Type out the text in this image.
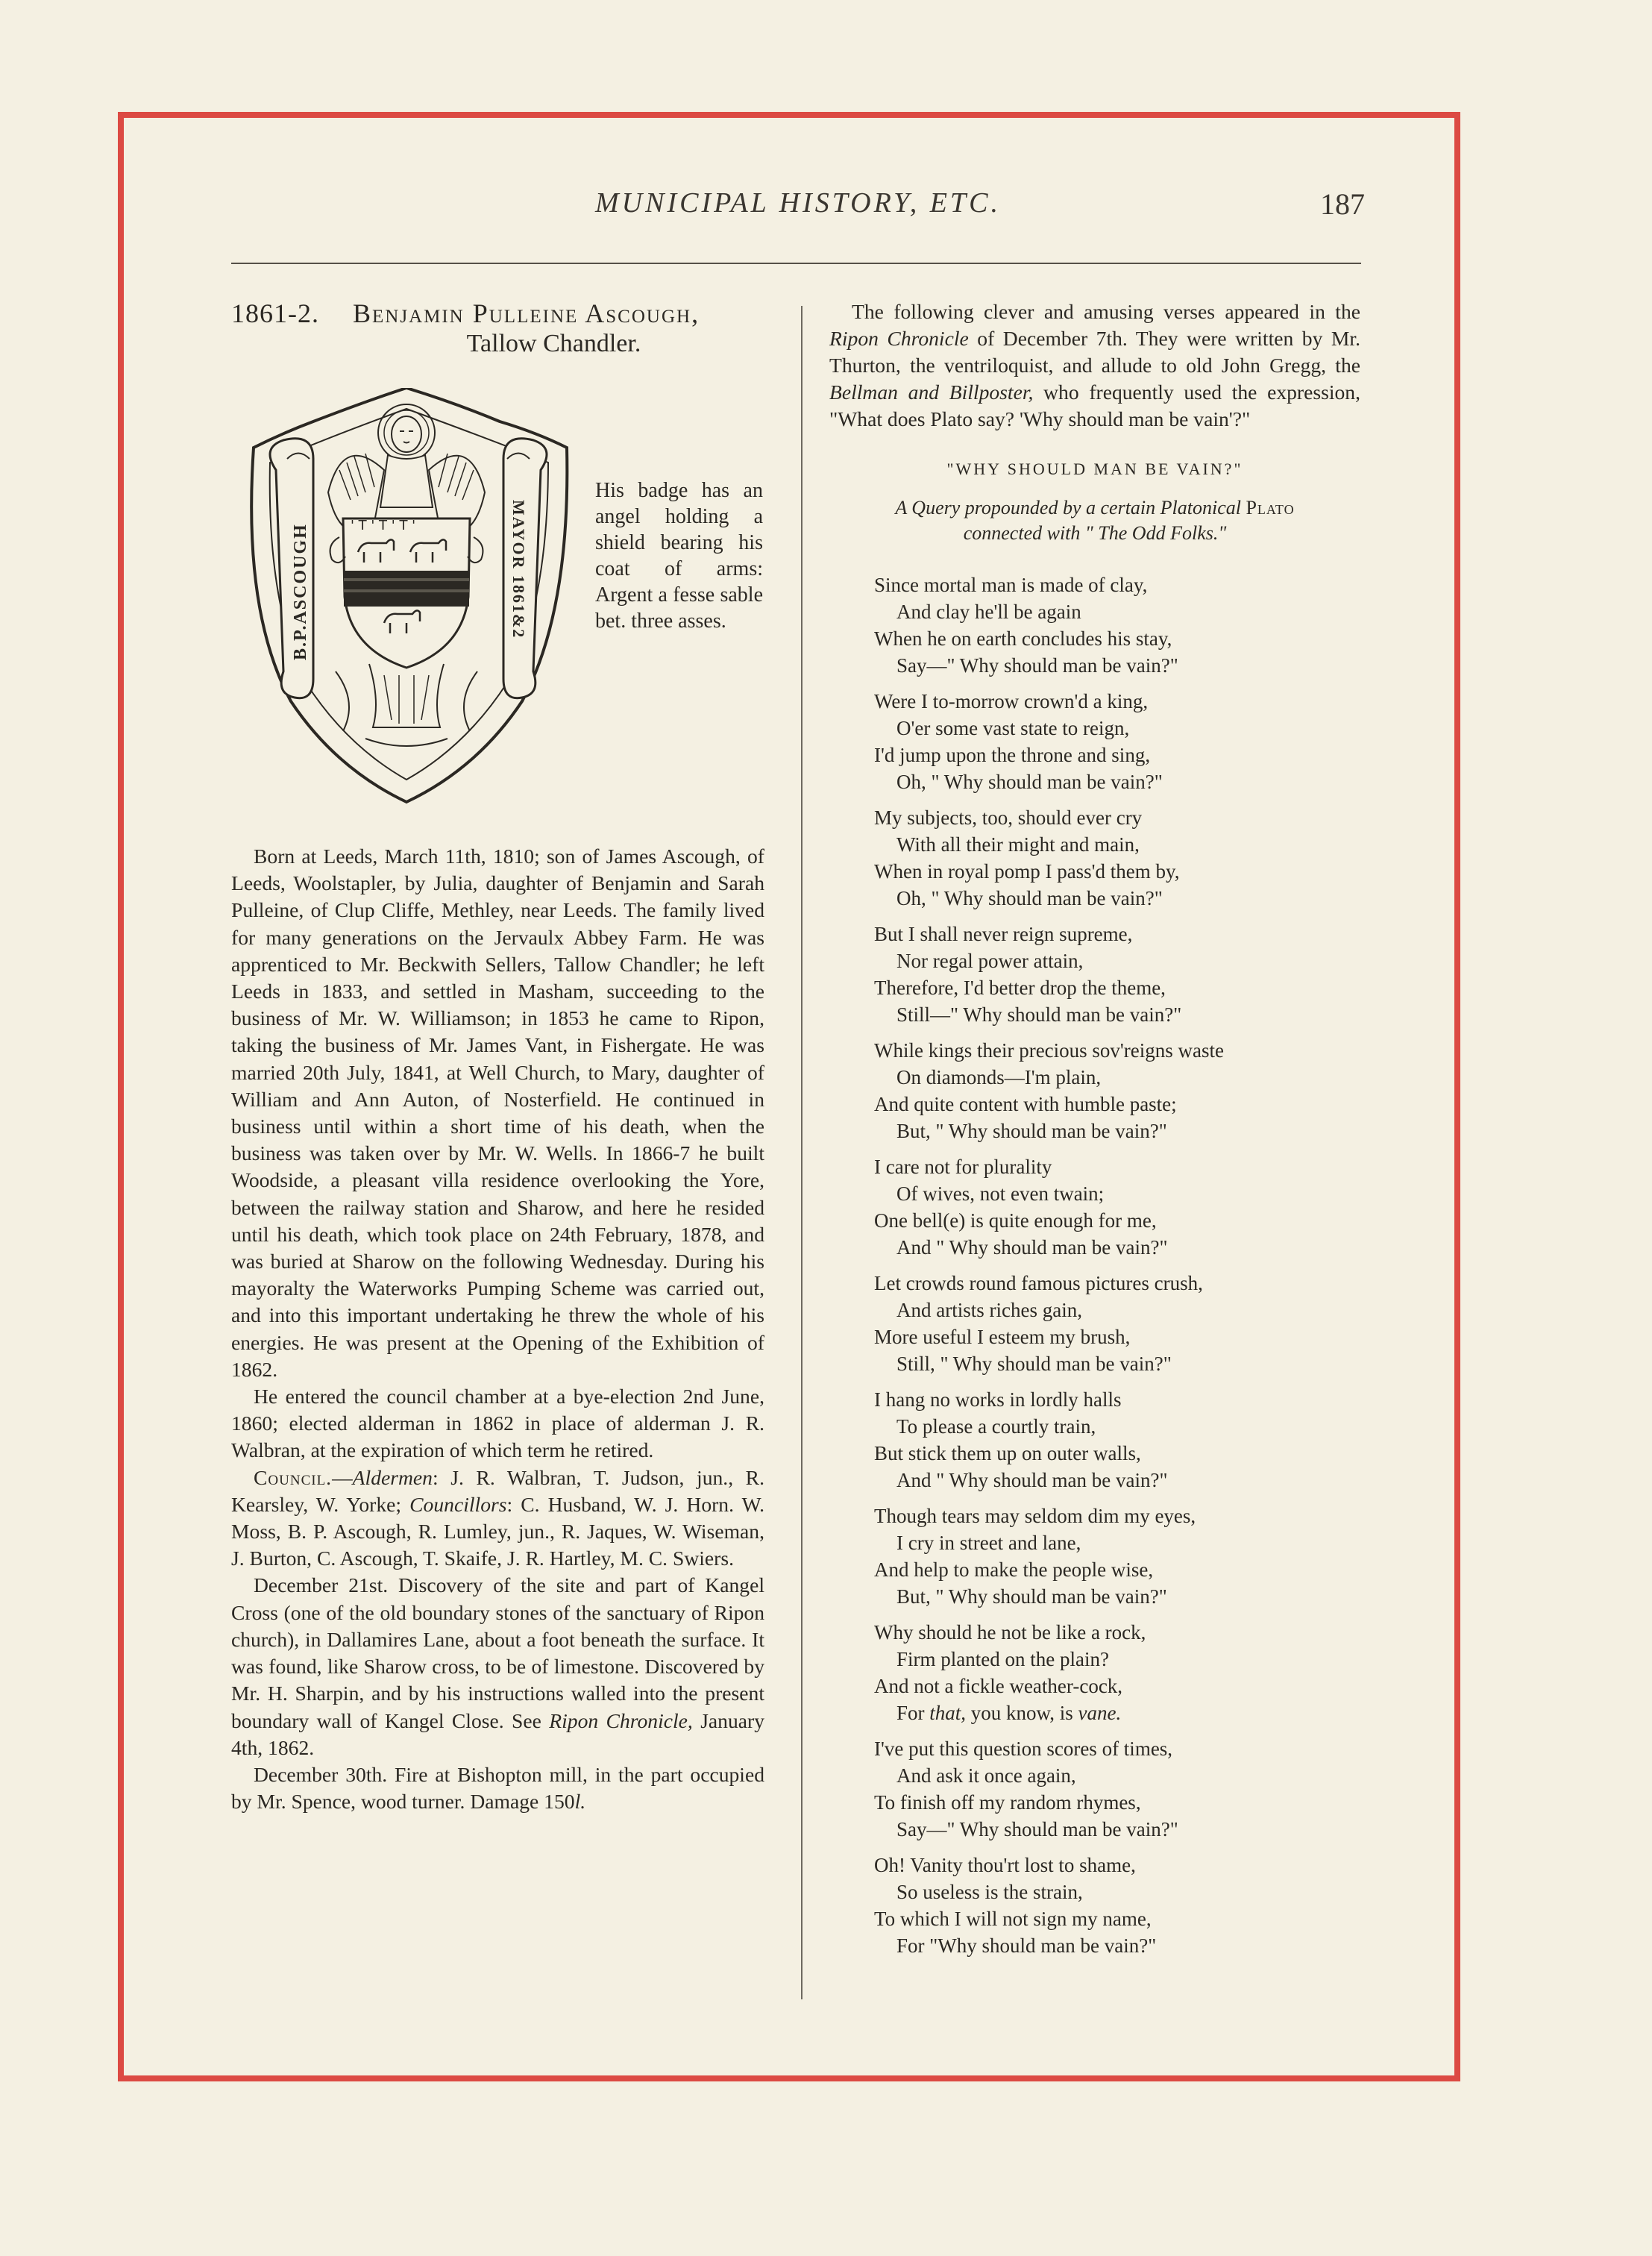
MUNICIPAL HISTORY, ETC.	187
1861-2. Benjamin Pulleine Ascough,
Tallow Chandler.
B.P.ASCOUGH	MAYOR 1861&2
' T ' T ' T '
His badge has an angel holding a shield bearing his coat of arms: Argent a fesse sable bet. three asses.

Born at Leeds, March 11th, 1810; son of James Ascough, of Leeds, Woolstapler, by Julia, daughter of Benjamin and Sarah Pulleine, of Clup Cliffe, Methley, near Leeds. The family lived for many generations on the Jervaulx Abbey Farm. He was apprenticed to Mr. Beckwith Sellers, Tallow Chandler; he left Leeds in 1833, and settled in Masham, succeeding to the business of Mr. W. Williamson; in 1853 he came to Ripon, taking the business of Mr. James Vant, in Fishergate. He was married 20th July, 1841, at Well Church, to Mary, daughter of William and Ann Auton, of Nosterfield. He continued in business until within a short time of his death, when the business was taken over by Mr. W. Wells. In 1866-7 he built Woodside, a pleasant villa residence overlooking the Yore, between the railway station and Sharow, and here he resided until his death, which took place on 24th February, 1878, and was buried at Sharow on the following Wednesday. During his mayoralty the Waterworks Pumping Scheme was carried out, and into this important undertaking he threw the whole of his energies. He was present at the Opening of the Exhibition of 1862.

He entered the council chamber at a bye-election 2nd June, 1860; elected alderman in 1862 in place of alderman J. R. Walbran, at the expiration of which term he retired.

Council.—Aldermen: J. R. Walbran, T. Judson, jun., R. Kearsley, W. Yorke; Councillors: C. Husband, W. J. Horn. W. Moss, B. P. Ascough, R. Lumley, jun., R. Jaques, W. Wiseman, J. Burton, C. Ascough, T. Skaife, J. R. Hartley, M. C. Swiers.

December 21st. Discovery of the site and part of Kangel Cross (one of the old boundary stones of the sanctuary of Ripon church), in Dallamires Lane, about a foot beneath the surface. It was found, like Sharow cross, to be of limestone. Discovered by Mr. H. Sharpin, and by his instructions walled into the present boundary wall of Kangel Close. See Ripon Chronicle, January 4th, 1862.

December 30th. Fire at Bishopton mill, in the part occupied by Mr. Spence, wood turner. Damage 150l.

The following clever and amusing verses appeared in the Ripon Chronicle of December 7th. They were written by Mr. Thurton, the ventriloquist, and allude to old John Gregg, the Bellman and Billposter, who frequently used the expression, "What does Plato say? 'Why should man be vain'?"

"WHY SHOULD MAN BE VAIN?"
A Query propounded by a certain Platonical Plato
connected with " The Odd Folks."
Since mortal man is made of clay,
And clay he'll be again
When he on earth concludes his stay,
Say—" Why should man be vain?"
Were I to-morrow crown'd a king,
O'er some vast state to reign,
I'd jump upon the throne and sing,
Oh, " Why should man be vain?"
My subjects, too, should ever cry
With all their might and main,
When in royal pomp I pass'd them by,
Oh, " Why should man be vain?"
But I shall never reign supreme,
Nor regal power attain,
Therefore, I'd better drop the theme,
Still—" Why should man be vain?"
While kings their precious sov'reigns waste
On diamonds—I'm plain,
And quite content with humble paste;
But, " Why should man be vain?"
I care not for plurality
Of wives, not even twain;
One bell(e) is quite enough for me,
And " Why should man be vain?"
Let crowds round famous pictures crush,
And artists riches gain,
More useful I esteem my brush,
Still, " Why should man be vain?"
I hang no works in lordly halls
To please a courtly train,
But stick them up on outer walls,
And " Why should man be vain?"
Though tears may seldom dim my eyes,
I cry in street and lane,
And help to make the people wise,
But, " Why should man be vain?"
Why should he not be like a rock,
Firm planted on the plain?
And not a fickle weather-cock,
For that, you know, is vane.
I've put this question scores of times,
And ask it once again,
To finish off my random rhymes,
Say—" Why should man be vain?"
Oh! Vanity thou'rt lost to shame,
So useless is the strain,
To which I will not sign my name,
For "Why should man be vain?"
